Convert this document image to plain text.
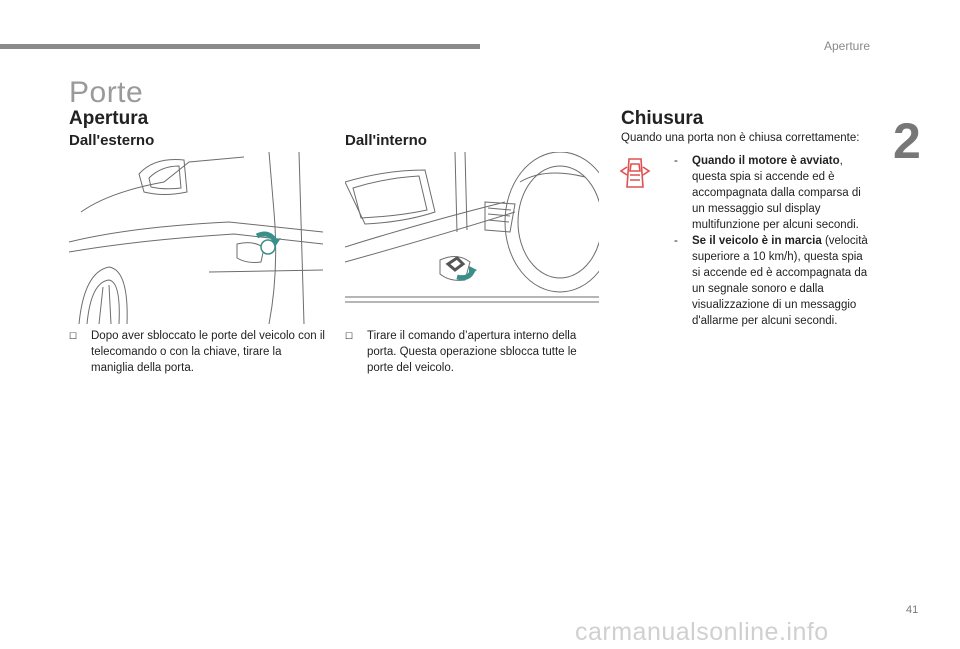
Aperture
2
Porte
Apertura
Dall'esterno	Dall'interno
☐ Dopo aver sbloccato le porte del veicolo con il telecomando o con la chiave, tirare la maniglia della porta.
☐ Tirare il comando d’apertura interno della porta. Questa operazione sblocca tutte le porte del veicolo.
Chiusura
Quando una porta non è chiusa correttamente:
-	Quando il motore è avviato, questa spia si accende ed è accompagnata dalla comparsa di un messaggio sul display multifunzione per alcuni secondi.
-	Se il veicolo è in marcia (velocità superiore a 10 km/h), questa spia si accende ed è accompagnata da un segnale sonoro e dalla visualizzazione di un messaggio d'allarme per alcuni secondi.
41
carmanualsonline.info
